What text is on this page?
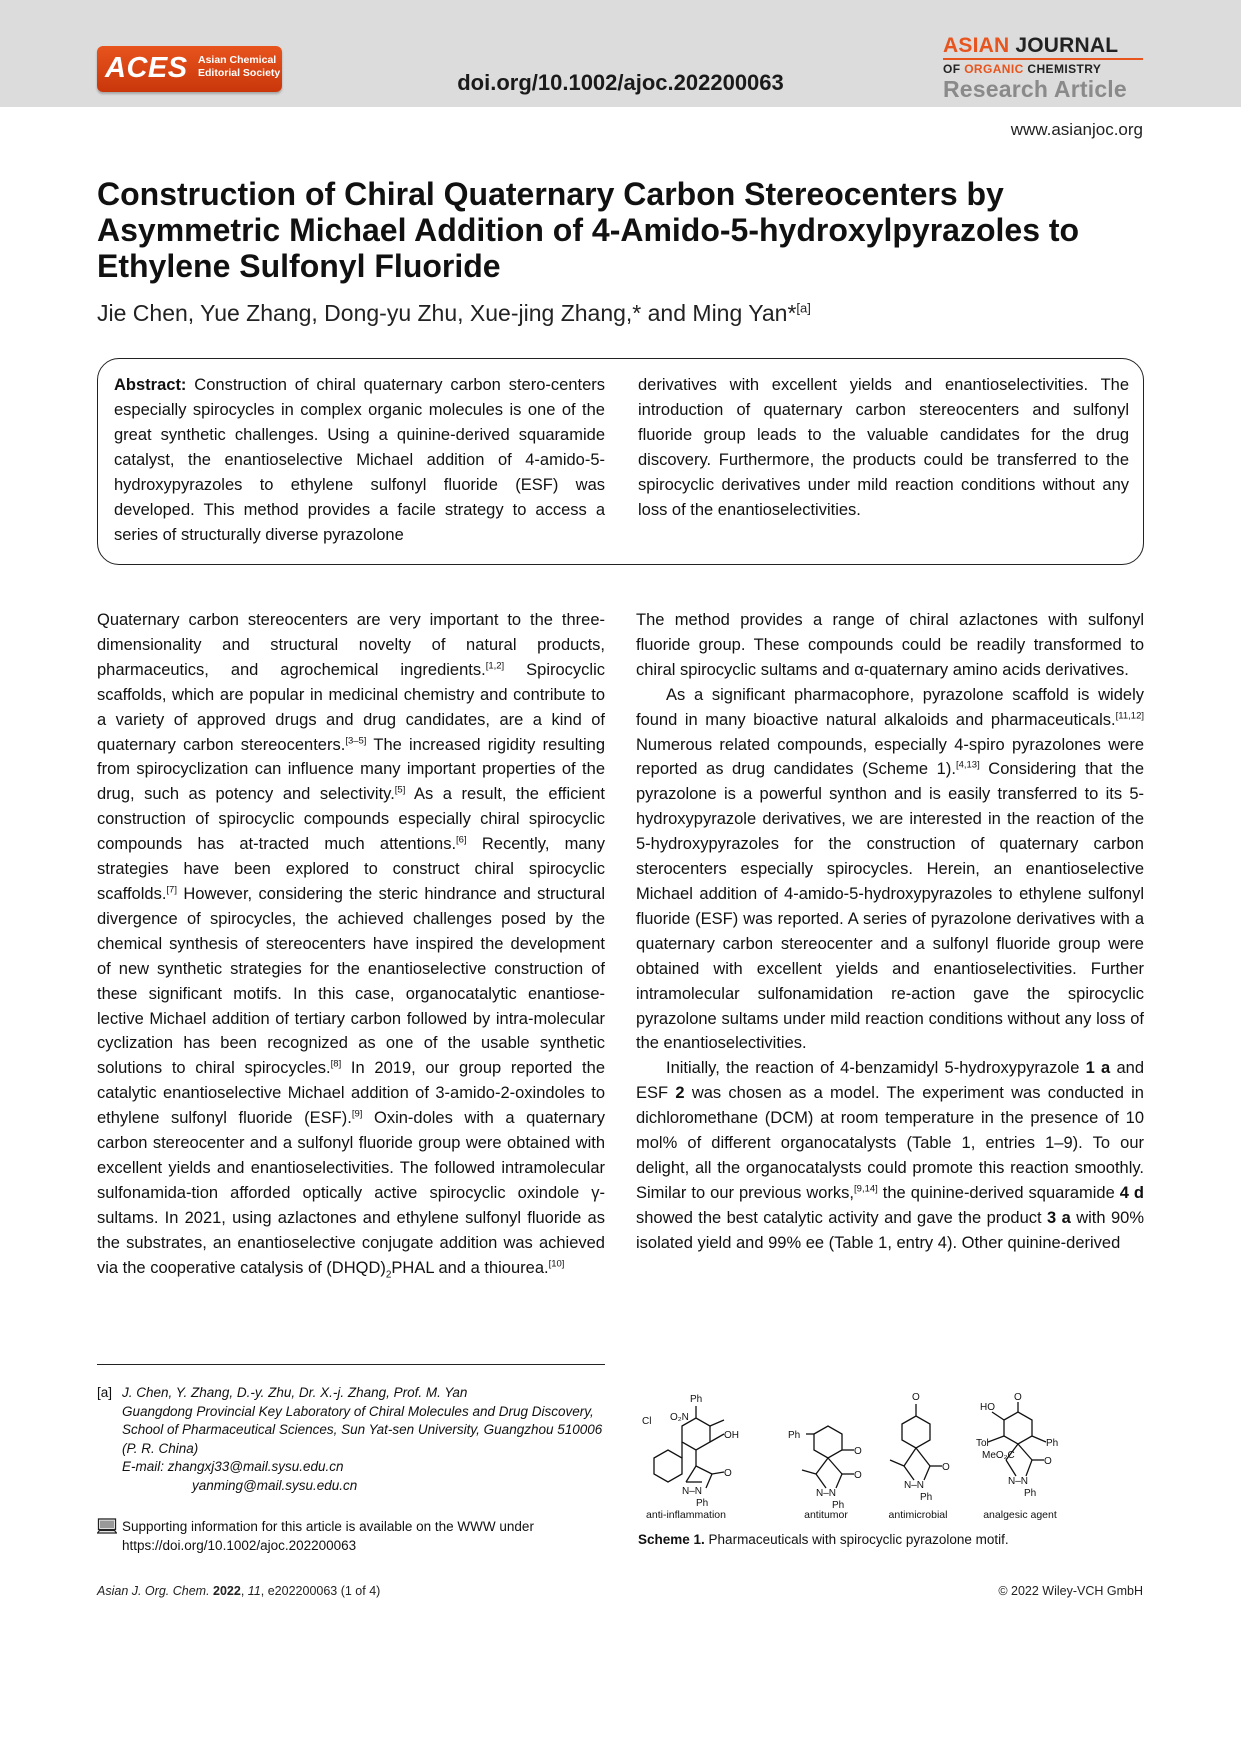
ACES Asian Chemical
Editorial Society	doi.org/10.1002/ajoc.202200063
ASIAN JOURNAL
OF ORGANIC CHEMISTRY
Research Article
www.asianjoc.org
Construction of Chiral Quaternary Carbon Stereocenters by Asymmetric Michael Addition of 4-Amido-5-hydroxylpyrazoles to Ethylene Sulfonyl Fluoride
Jie Chen, Yue Zhang, Dong-yu Zhu, Xue-jing Zhang,* and Ming Yan*[a]
Abstract: Construction of chiral quaternary carbon stero-centers especially spirocycles in complex organic molecules is one of the great synthetic challenges. Using a quinine-derived squaramide catalyst, the enantioselective Michael addition of 4-amido-5-hydroxypyrazoles to ethylene sulfonyl fluoride (ESF) was developed. This method provides a facile strategy to access a series of structurally diverse pyrazolone
derivatives with excellent yields and enantioselectivities. The introduction of quaternary carbon stereocenters and sulfonyl fluoride group leads to the valuable candidates for the drug discovery. Furthermore, the products could be transferred to the spirocyclic derivatives under mild reaction conditions without any loss of the enantioselectivities.

Quaternary carbon stereocenters are very important to the three-dimensionality and structural novelty of natural products, pharmaceutics, and agrochemical ingredients.[1,2] Spirocyclic scaffolds, which are popular in medicinal chemistry and contribute to a variety of approved drugs and drug candidates, are a kind of quaternary carbon stereocenters.[3–5] The increased rigidity resulting from spirocyclization can influence many important properties of the drug, such as potency and selectivity.[5] As a result, the efficient construction of spirocyclic compounds especially chiral spirocyclic compounds has at-tracted much attentions.[6] Recently, many strategies have been explored to construct chiral spirocyclic scaffolds.[7] However, considering the steric hindrance and structural divergence of spirocycles, the achieved challenges posed by the chemical synthesis of stereocenters have inspired the development of new synthetic strategies for the enantioselective construction of these significant motifs. In this case, organocatalytic enantiose-lective Michael addition of tertiary carbon followed by intra-molecular cyclization has been recognized as one of the usable synthetic solutions to chiral spirocycles.[8] In 2019, our group reported the catalytic enantioselective Michael addition of 3-amido-2-oxindoles to ethylene sulfonyl fluoride (ESF).[9] Oxin-doles with a quaternary carbon stereocenter and a sulfonyl fluoride group were obtained with excellent yields and enantioselectivities. The followed intramolecular sulfonamida-tion afforded optically active spirocyclic oxindole γ-sultams. In 2021, using azlactones and ethylene sulfonyl fluoride as the substrates, an enantioselective conjugate addition was achieved via the cooperative catalysis of $(DHQD)_2PHAL$ and a thiourea.[10]

The method provides a range of chiral azlactones with sulfonyl fluoride group. These compounds could be readily transformed to chiral spirocyclic sultams and α-quaternary amino acids derivatives.

As a significant pharmacophore, pyrazolone scaffold is widely found in many bioactive natural alkaloids and pharmaceuticals.[11,12] Numerous related compounds, especially 4-spiro pyrazolones were reported as drug candidates (Scheme 1).[4,13] Considering that the pyrazolone is a powerful synthon and is easily transferred to its 5-hydroxypyrazole derivatives, we are interested in the reaction of the 5-hydroxypyrazoles for the construction of quaternary carbon sterocenters especially spirocycles. Herein, an enantioselective Michael addition of 4-amido-5-hydroxypyrazoles to ethylene sulfonyl fluoride (ESF) was reported. A series of pyrazolone derivatives with a quaternary carbon stereocenter and a sulfonyl fluoride group were obtained with excellent yields and enantioselectivities. Further intramolecular sulfonamidation re-action gave the spirocyclic pyrazolone sultams under mild reaction conditions without any loss of the enantioselectivities.

Initially, the reaction of 4-benzamidyl 5-hydroxypyrazole 1 a and ESF 2 was chosen as a model. The experiment was conducted in dichloromethane (DCM) at room temperature in the presence of 10 mol% of different organocatalysts (Table 1, entries 1–9). To our delight, all the organocatalysts could promote this reaction smoothly. Similar to our previous works,[9,14] the quinine-derived squaramide 4 d showed the best catalytic activity and gave the product 3 a with 90% isolated yield and 99% ee (Table 1, entry 4). Other quinine-derived

[a] J. Chen, Y. Zhang, D.-y. Zhu, Dr. X.-j. Zhang, Prof. M. Yan
Guangdong Provincial Key Laboratory of Chiral Molecules and Drug Discovery,
School of Pharmaceutical Sciences, Sun Yat-sen University, Guangzhou 510006 (P. R. China)
E-mail: zhangxj33@mail.sysu.edu.cn
yanming@mail.sysu.edu.cn
Supporting information for this article is available on the WWW under https://doi.org/10.1002/ajoc.202200063
Cl O₂N
Ph
OH
O
N–N
Ph
Ph
O
O
N–N
Ph
O
O
N–N
Ph
HO
O
Tol
MeO₂C
Ph
O
N–N
Ph
anti-inflammation	antitumor	antimicrobial	analgesic agent
Scheme 1. Pharmaceuticals with spirocyclic pyrazolone motif.
Asian J. Org. Chem. 2022, 11, e202200063 (1 of 4)	© 2022 Wiley-VCH GmbH
